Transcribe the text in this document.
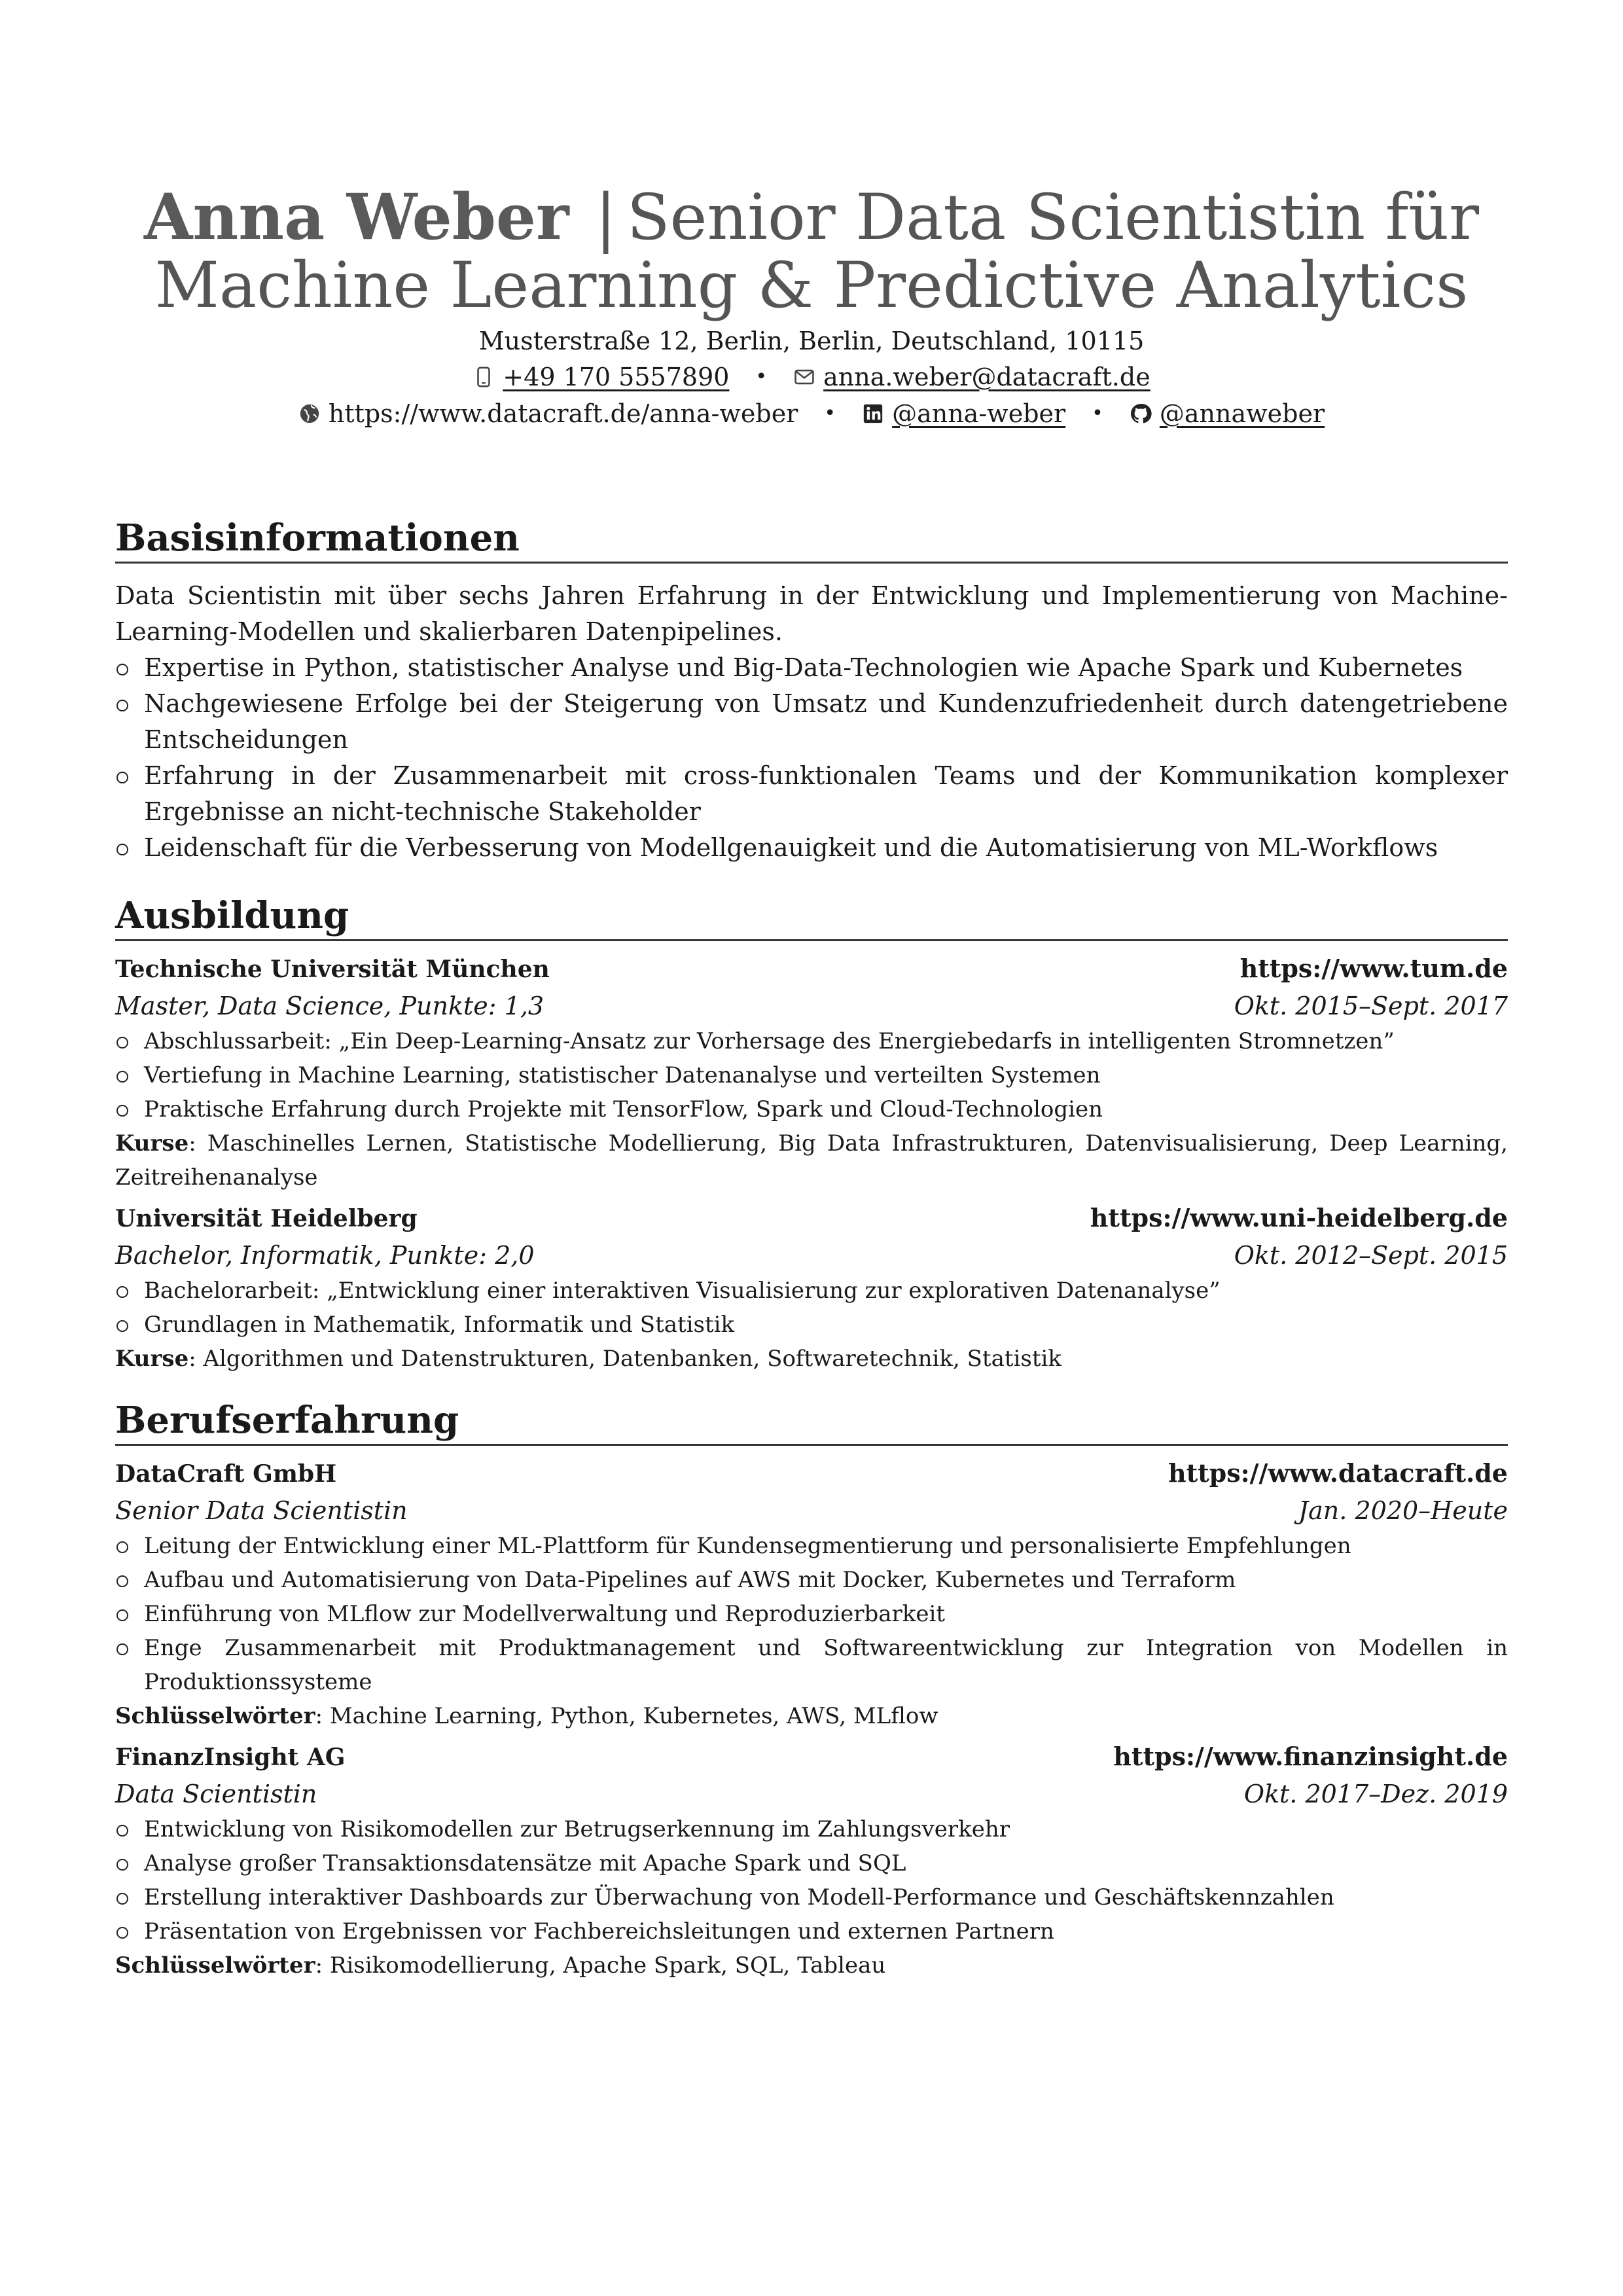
Anna Weber | Senior Data Scientistin für Machine Learning & Predictive Analytics
Musterstraße 12, Berlin, Berlin, Deutschland, 10115
+49 170 5557890 • anna.weber@datacraft.de
https://www.datacraft.de/anna-weber • @anna-weber • @annaweber
Basisinformationen
Data Scientistin mit über sechs Jahren Erfahrung in der Entwicklung und Implementierung von Machine-Learning-Modellen und skalierbaren Datenpipelines.
Expertise in Python, statistischer Analyse und Big-Data-Technologien wie Apache Spark und Kubernetes
Nachgewiesene Erfolge bei der Steigerung von Umsatz und Kundenzufriedenheit durch datengetriebene Entscheidungen
Erfahrung in der Zusammenarbeit mit cross-funktionalen Teams und der Kommunikation komplexer Ergebnisse an nicht-technische Stakeholder
Leidenschaft für die Verbesserung von Modellgenauigkeit und die Automatisierung von ML-Workflows
Ausbildung
Technische Universität München	https://www.tum.de
Master, Data Science, Punkte: 1,3	Okt. 2015–Sept. 2017
Abschlussarbeit: „Ein Deep-Learning-Ansatz zur Vorhersage des Energiebedarfs in intelligenten Stromnetzen”
Vertiefung in Machine Learning, statistischer Datenanalyse und verteilten Systemen
Praktische Erfahrung durch Projekte mit TensorFlow, Spark und Cloud-Technologien
Kurse: Maschinelles Lernen, Statistische Modellierung, Big Data Infrastrukturen, Datenvisualisierung, Deep Learning, Zeitreihenanalyse
Universität Heidelberg	https://www.uni-heidelberg.de
Bachelor, Informatik, Punkte: 2,0	Okt. 2012–Sept. 2015
Bachelorarbeit: „Entwicklung einer interaktiven Visualisierung zur explorativen Datenanalyse”
Grundlagen in Mathematik, Informatik und Statistik
Kurse: Algorithmen und Datenstrukturen, Datenbanken, Softwaretechnik, Statistik
Berufserfahrung
DataCraft GmbH	https://www.datacraft.de
Senior Data Scientistin	Jan. 2020–Heute
Leitung der Entwicklung einer ML-Plattform für Kundensegmentierung und personalisierte Empfehlungen
Aufbau und Automatisierung von Data-Pipelines auf AWS mit Docker, Kubernetes und Terraform
Einführung von MLflow zur Modellverwaltung und Reproduzierbarkeit
Enge Zusammenarbeit mit Produktmanagement und Softwareentwicklung zur Integration von Modellen in Produktionssysteme
Schlüsselwörter: Machine Learning, Python, Kubernetes, AWS, MLflow
FinanzInsight AG	https://www.finanzinsight.de
Data Scientistin	Okt. 2017–Dez. 2019
Entwicklung von Risikomodellen zur Betrugserkennung im Zahlungsverkehr
Analyse großer Transaktionsdatensätze mit Apache Spark und SQL
Erstellung interaktiver Dashboards zur Überwachung von Modell-Performance und Geschäftskennzahlen
Präsentation von Ergebnissen vor Fachbereichsleitungen und externen Partnern
Schlüsselwörter: Risikomodellierung, Apache Spark, SQL, Tableau
